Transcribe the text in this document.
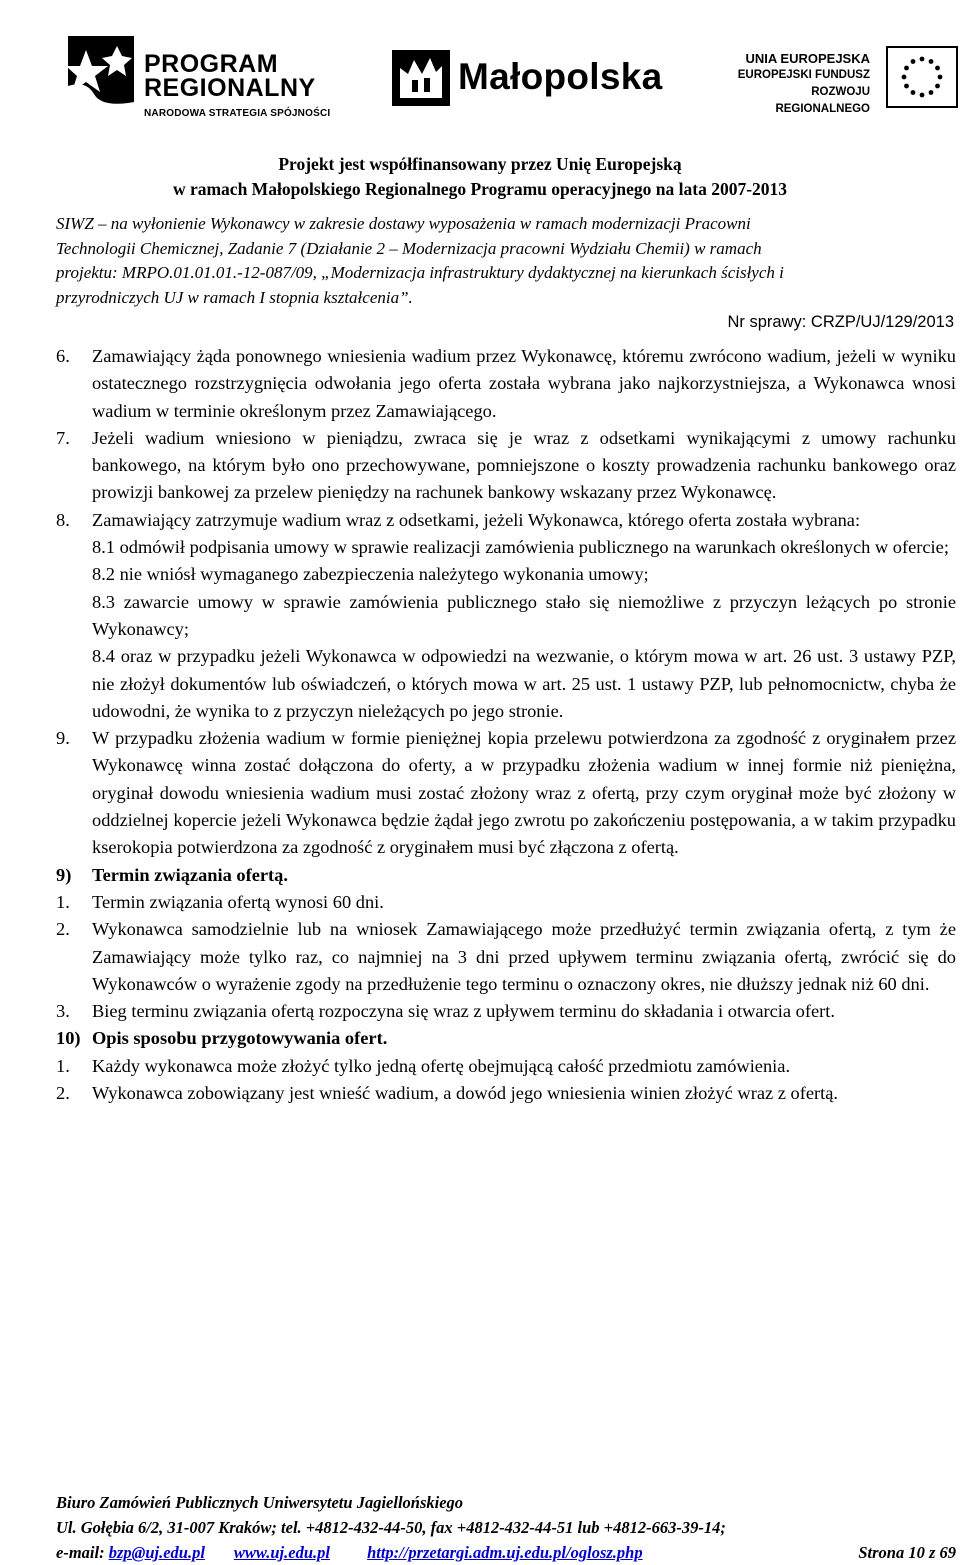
PROGRAM
REGIONALNY
NARODOWA STRATEGIA SPÓJNOŚCI
Małopolska	UNIA EUROPEJSKA
EUROPEJSKI FUNDUSZ
ROZWOJU REGIONALNEGO
Projekt jest współfinansowany przez Unię Europejską
w ramach Małopolskiego Regionalnego Programu operacyjnego na lata 2007-2013
SIWZ – na wyłonienie Wykonawcy w zakresie dostawy wyposażenia w ramach modernizacji Pracowni
Technologii Chemicznej, Zadanie 7 (Działanie 2 – Modernizacja pracowni Wydziału Chemii) w ramach
projektu: MRPO.01.01.01.-12-087/09, „Modernizacja infrastruktury dydaktycznej na kierunkach ścisłych i
przyrodniczych UJ w ramach I stopnia kształcenia”.
Nr sprawy: CRZP/UJ/129/2013
6. Zamawiający żąda ponownego wniesienia wadium przez Wykonawcę, któremu zwrócono wadium, jeżeli w wyniku ostatecznego rozstrzygnięcia odwołania jego oferta została wybrana jako najkorzystniejsza, a Wykonawca wnosi wadium w terminie określonym przez Zamawiającego.
7. Jeżeli wadium wniesiono w pieniądzu, zwraca się je wraz z odsetkami wynikającymi z umowy rachunku bankowego, na którym było ono przechowywane, pomniejszone o koszty prowadzenia rachunku bankowego oraz prowizji bankowej za przelew pieniędzy na rachunek bankowy wskazany przez Wykonawcę.
8. Zamawiający zatrzymuje wadium wraz z odsetkami, jeżeli Wykonawca, którego oferta została wybrana:
8.1 odmówił podpisania umowy w sprawie realizacji zamówienia publicznego na warunkach określonych w ofercie;
8.2 nie wniósł wymaganego zabezpieczenia należytego wykonania umowy;
8.3 zawarcie umowy w sprawie zamówienia publicznego stało się niemożliwe z przyczyn leżących po stronie Wykonawcy;
8.4 oraz w przypadku jeżeli Wykonawca w odpowiedzi na wezwanie, o którym mowa w art. 26 ust. 3 ustawy PZP, nie złożył dokumentów lub oświadczeń, o których mowa w art. 25 ust. 1 ustawy PZP, lub pełnomocnictw, chyba że udowodni, że wynika to z przyczyn nieleżących po jego stronie.
9. W przypadku złożenia wadium w formie pieniężnej kopia przelewu potwierdzona za zgodność z oryginałem przez Wykonawcę winna zostać dołączona do oferty, a w przypadku złożenia wadium w innej formie niż pieniężna, oryginał dowodu wniesienia wadium musi zostać złożony wraz z ofertą, przy czym oryginał może być złożony w oddzielnej kopercie jeżeli Wykonawca będzie żądał jego zwrotu po zakończeniu postępowania, a w takim przypadku kserokopia potwierdzona za zgodność z oryginałem musi być złączona z ofertą.
9) Termin związania ofertą.
1. Termin związania ofertą wynosi 60 dni.
2. Wykonawca samodzielnie lub na wniosek Zamawiającego może przedłużyć termin związania ofertą, z tym że Zamawiający może tylko raz, co najmniej na 3 dni przed upływem terminu związania ofertą, zwrócić się do Wykonawców o wyrażenie zgody na przedłużenie tego terminu o oznaczony okres, nie dłuższy jednak niż 60 dni.
3. Bieg terminu związania ofertą rozpoczyna się wraz z upływem terminu do składania i otwarcia ofert.
10) Opis sposobu przygotowywania ofert.
1. Każdy wykonawca może złożyć tylko jedną ofertę obejmującą całość przedmiotu zamówienia.
2. Wykonawca zobowiązany jest wnieść wadium, a dowód jego wniesienia winien złożyć wraz z ofertą.
Biuro Zamówień Publicznych Uniwersytetu Jagiellońskiego
Ul. Gołębia 6/2, 31-007 Kraków; tel. +4812-432-44-50, fax +4812-432-44-51 lub +4812-663-39-14;
e-mail: bzp@uj.edu.pl www.uj.edu.pl http://przetargi.adm.uj.edu.pl/oglosz.php	Strona 10 z 69
